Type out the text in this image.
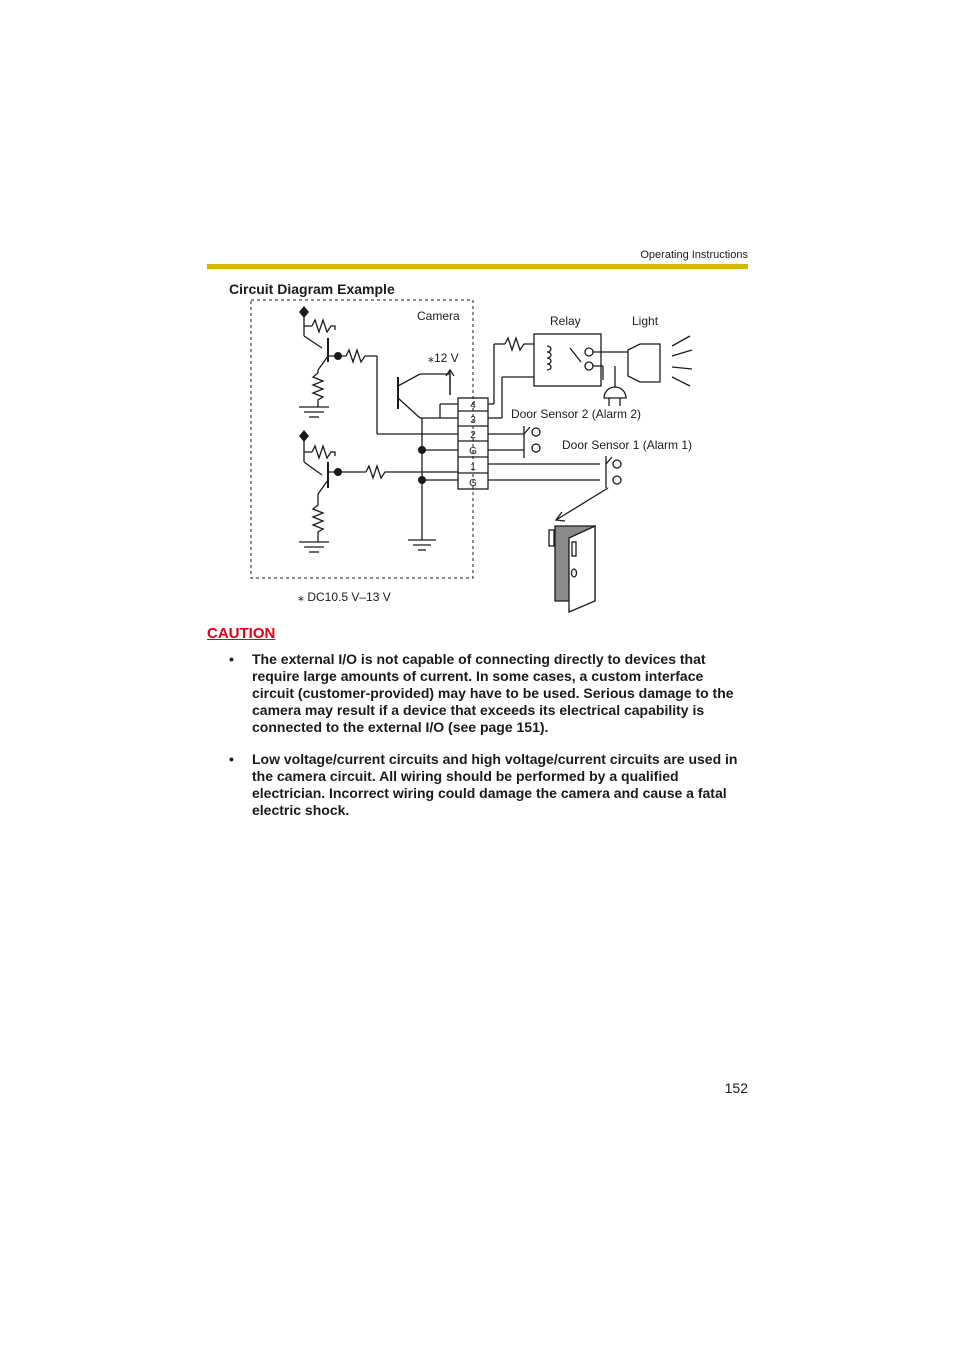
Operating Instructions
Circuit Diagram Example
Camera
⁎12 V
Relay	Light
Door Sensor 2 (Alarm 2)
Door Sensor 1 (Alarm 1)
⁎ DC10.5 V–13 V
4
3
2
G
1
G
CAUTION
• The external I/O is not capable of connecting directly to devices that require large amounts of current. In some cases, a custom interface circuit (customer-provided) may have to be used. Serious damage to the camera may result if a device that exceeds its electrical capability is connected to the external I/O (see page 151).
• Low voltage/current circuits and high voltage/current circuits are used in the camera circuit. All wiring should be performed by a qualified electrician. Incorrect wiring could damage the camera and cause a fatal electric shock.
152
